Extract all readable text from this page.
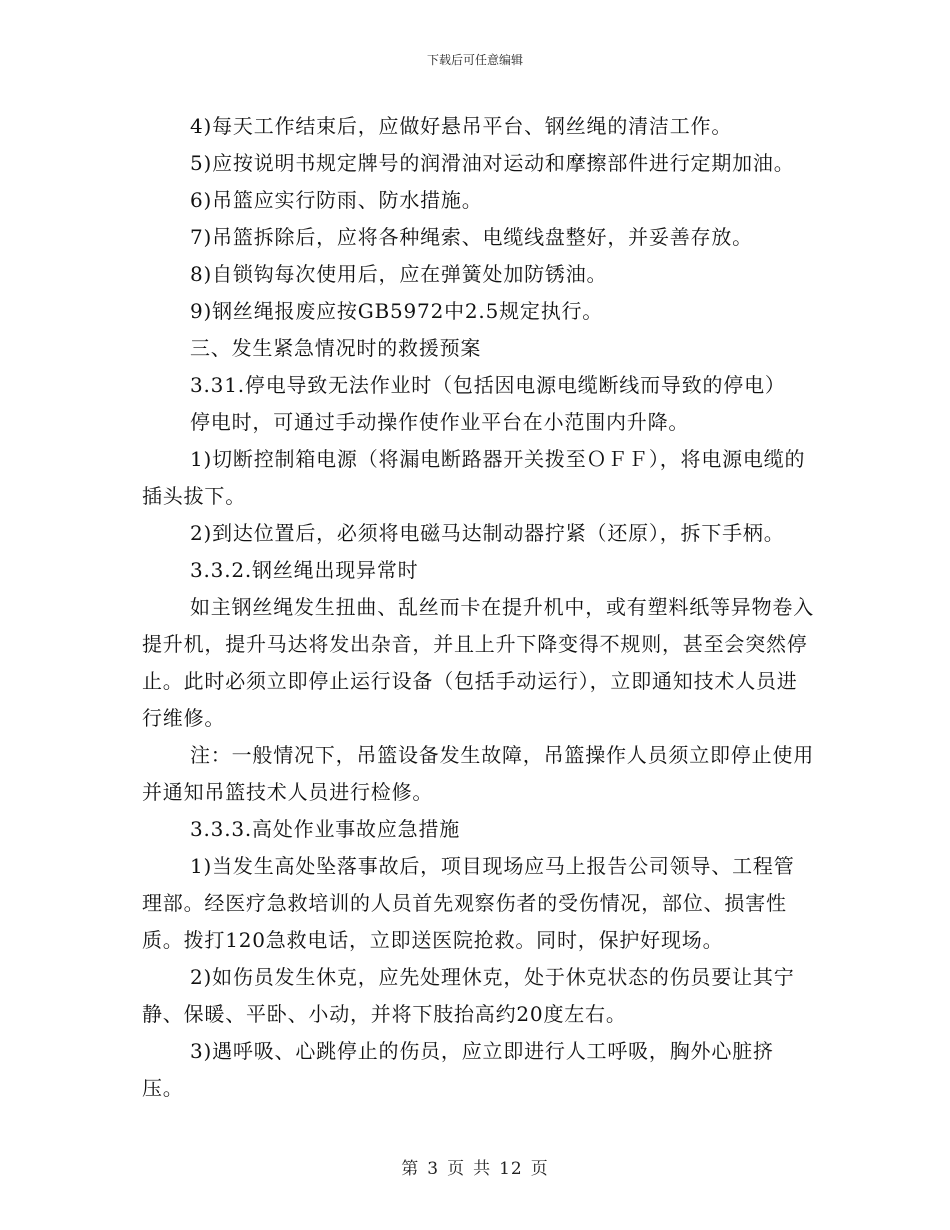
下载后可任意编辑

4)每天工作结束后，应做好悬吊平台、钢丝绳的清洁工作。

5)应按说明书规定牌号的润滑油对运动和摩擦部件进行定期加油。

6)吊篮应实行防雨、防水措施。

7)吊篮拆除后，应将各种绳索、电缆线盘整好，并妥善存放。

8)自锁钩每次使用后，应在弹簧处加防锈油。

9)钢丝绳报废应按GB5972中2.5规定执行。

三、发生紧急情况时的救援预案

3.31.停电导致无法作业时（包括因电源电缆断线而导致的停电）

停电时，可通过手动操作使作业平台在小范围内升降。

1)切断控制箱电源（将漏电断路器开关拨至ＯＦＦ），将电源电缆的插头拔下。

2)到达位置后，必须将电磁马达制动器拧紧（还原），拆下手柄。

3.3.2.钢丝绳出现异常时

如主钢丝绳发生扭曲、乱丝而卡在提升机中，或有塑料纸等异物卷入提升机，提升马达将发出杂音，并且上升下降变得不规则，甚至会突然停止。此时必须立即停止运行设备（包括手动运行），立即通知技术人员进行维修。

注：一般情况下，吊篮设备发生故障，吊篮操作人员须立即停止使用并通知吊篮技术人员进行检修。

3.3.3.高处作业事故应急措施

1)当发生高处坠落事故后，项目现场应马上报告公司领导、工程管理部。经医疗急救培训的人员首先观察伤者的受伤情况，部位、损害性质。拨打120急救电话，立即送医院抢救。同时，保护好现场。

2)如伤员发生休克，应先处理休克，处于休克状态的伤员要让其宁静、保暖、平卧、小动，并将下肢抬高约20度左右。

3)遇呼吸、心跳停止的伤员，应立即进行人工呼吸，胸外心脏挤压。

第 3 页 共 12 页
